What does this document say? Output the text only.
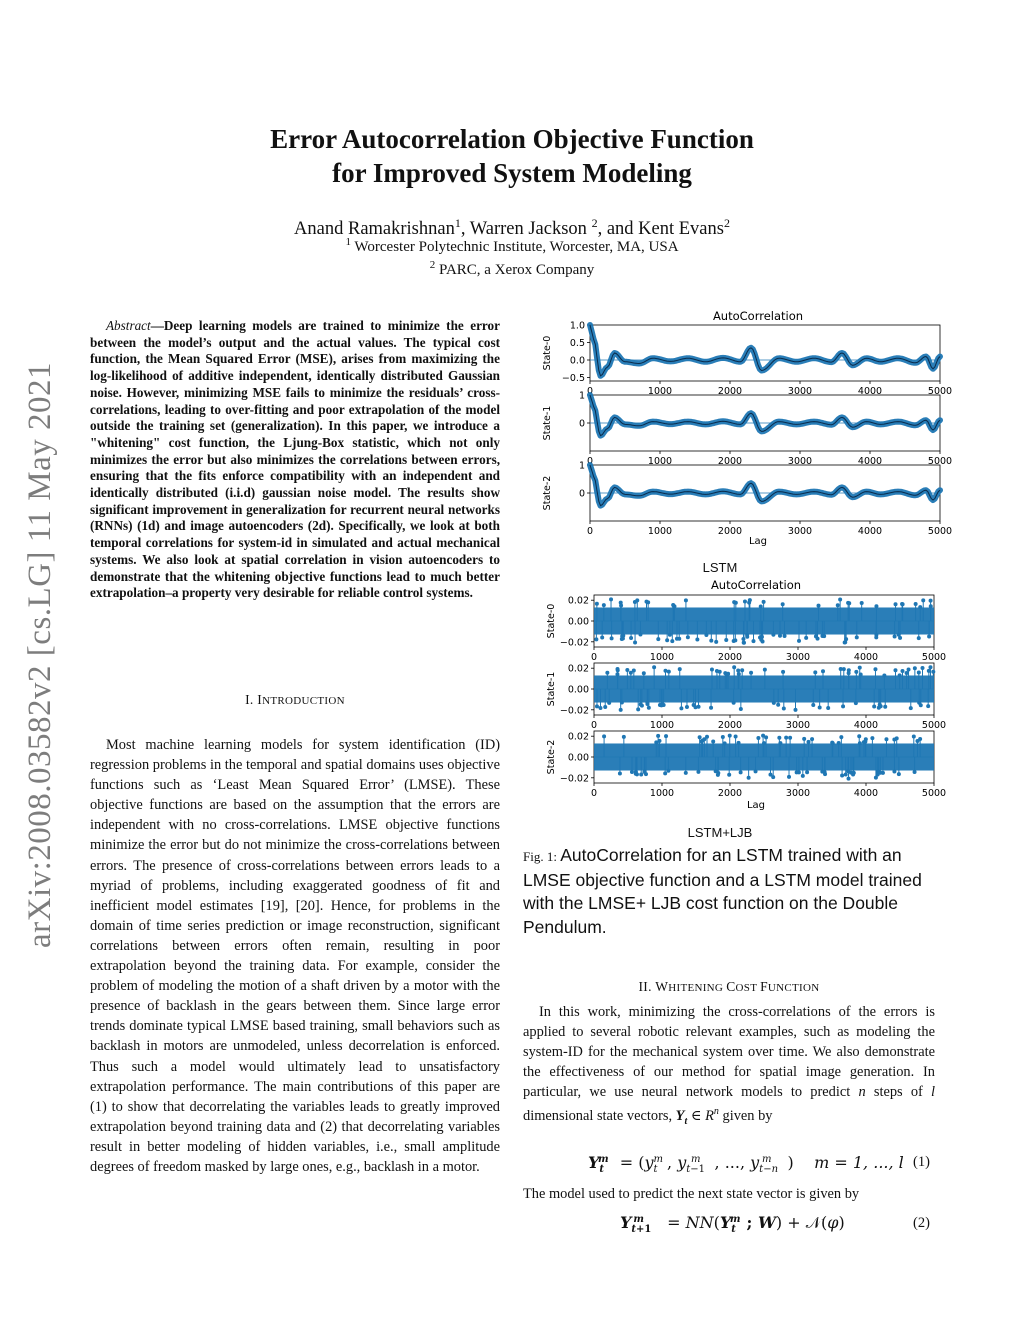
arXiv:2008.03582v2 [cs.LG] 11 May 2021
Error Autocorrelation Objective Function
for Improved System Modeling
Anand Ramakrishnan$^1$, Warren Jackson $^2$, and Kent Evans$^2$
$^1$ Worcester Polytechnic Institute, Worcester, MA, USA
$^2$ PARC, a Xerox Company
Abstract—Deep learning models are trained to minimize the error between the model’s output and the actual values. The typical cost function, the Mean Squared Error (MSE), arises from maximizing the log-likelihood of additive independent, identically distributed Gaussian noise. However, minimizing MSE fails to minimize the residuals’ cross-correlations, leading to over-fitting and poor extrapolation of the model outside the training set (generalization). In this paper, we introduce a "whitening" cost function, the Ljung-Box statistic, which not only minimizes the error but also minimizes the correlations between errors, ensuring that the fits enforce compatibility with an independent and identically distributed (i.i.d) gaussian noise model. The results show significant improvement in generalization for recurrent neural networks (RNNs) (1d) and image autoencoders (2d). Specifically, we look at both temporal correlations for system-id in simulated and actual mechanical systems. We also look at spatial correlation in vision autoencoders to demonstrate that the whitening objective functions lead to much better extrapolation–a property very desirable for reliable control systems.
I. INTRODUCTION

Most machine learning models for system identification (ID) regression problems in the temporal and spatial domains uses objective functions such as ‘Least Mean Squared Error’ (LMSE). These objective functions are based on the assumption that the errors are independent with no cross-correlations. LMSE objective functions minimize the error but do not minimize the cross-correlations between errors. The presence of cross-correlations between errors leads to a myriad of problems, including exaggerated goodness of fit and inefficient model estimates [19], [20]. Hence, for problems in the domain of time series prediction or image reconstruction, significant correlations between errors often remain, resulting in poor extrapolation beyond the training data. For example, consider the problem of modeling the motion of a shaft driven by a motor with the presence of backlash in the gears between them. Since large error trends dominate typical LMSE based training, small behaviors such as backlash in motors are unmodeled, unless decorrelation is enforced. Thus such a model would ultimately lead to unsatisfactory extrapolation performance. The main contributions of this paper are (1) to show that decorrelating the variables leads to greatly improved extrapolation beyond training data and (2) that decorrelating variables result in better modeling of hidden variables, i.e., small amplitude degrees of freedom masked by large ones, e.g., backlash in a motor.

AutoCorrelation
1.0
0.5
0.0
−0.5
0	1000	2000	3000	4000	5000
State-0
1
0
0	1000	2000	3000	4000	5000
State-1
1
0
0	1000	2000	3000	4000	5000
State-2
Lag
AutoCorrelation
0.02
0.00
−0.02
0	1000	2000	3000	4000	5000
State-0
0.02
0.00
−0.02
0	1000	2000	3000	4000	5000
State-1
0.02
0.00
−0.02
0	1000	2000	3000	4000	5000
State-2
Lag
LSTM
LSTM+LJB
Fig. 1: AutoCorrelation for an LSTM trained with an LMSE objective function and a LSTM model trained with the LMSE+ LJB cost function on the Double Pendulum.
II. WHITENING COST FUNCTION

In this work, minimizing the cross-correlations of the errors is applied to several robotic relevant examples, such as modeling the system-ID for the mechanical system over time. We also demonstrate the effectiveness of our method for spatial image generation. In particular, we use neural network models to predict n steps of l dimensional state vectors, $Y_t$ ∈ $R^n$ given by

$Y_t^m = (y_t^m$ , $y_{t-1}^m$ , ..., $y_{t-n}^m$ )    m = 1, ..., l (1)

The model used to predict the next state vector is given by

$Y_{t+1}^m = NN(Y_t^m$ ; W) + 𝒩(φ)	(2)
